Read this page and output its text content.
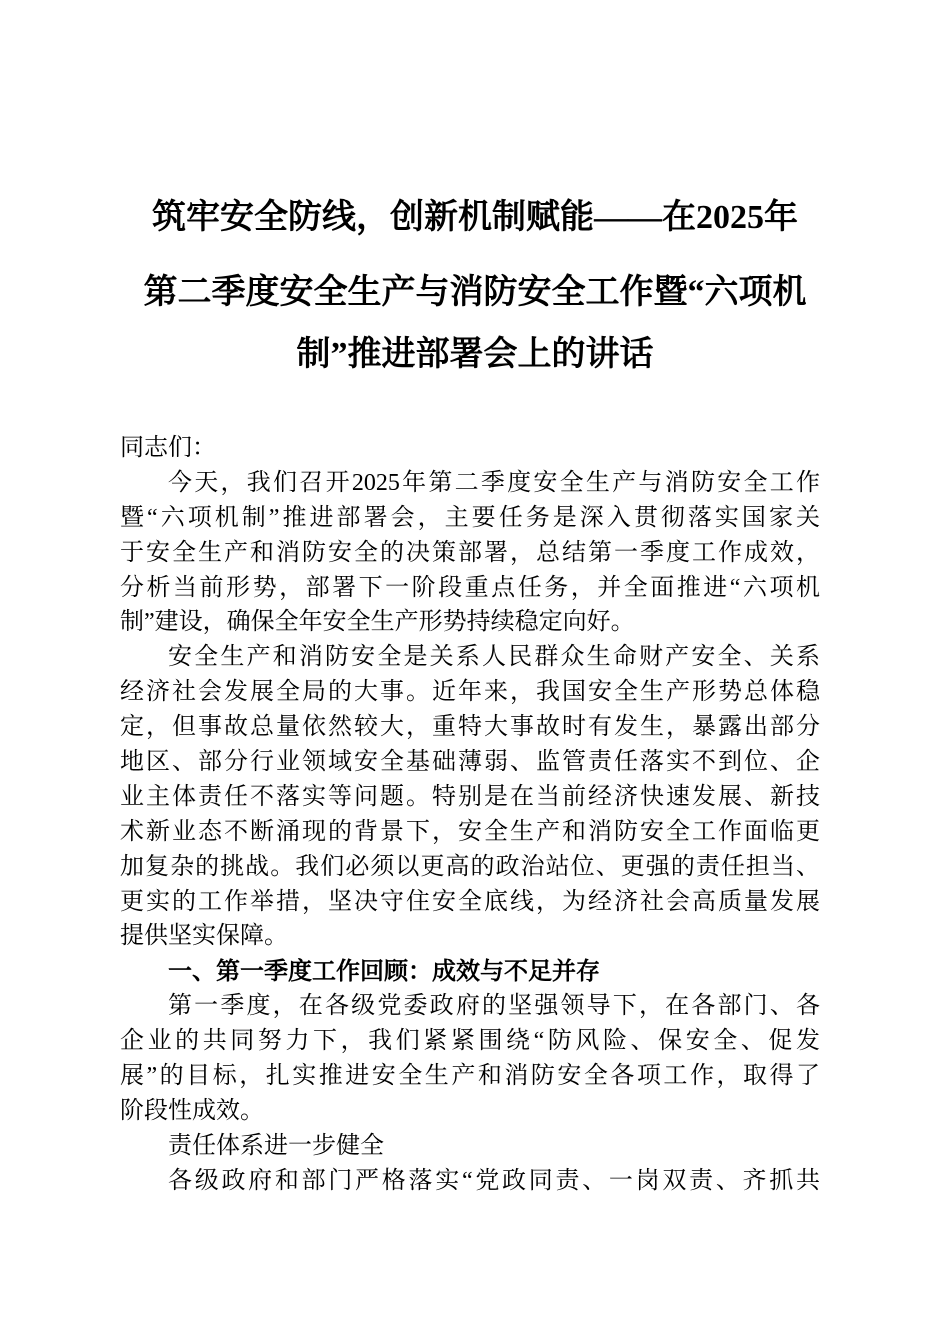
筑牢安全防线，创新机制赋能——在2025年
第二季度安全生产与消防安全工作暨“六项机
制”推进部署会上的讲话
同志们：
今天，我们召开2025年第二季度安全生产与消防安全工作
暨“六项机制”推进部署会，主要任务是深入贯彻落实国家关
于安全生产和消防安全的决策部署，总结第一季度工作成效，
分析当前形势，部署下一阶段重点任务，并全面推进“六项机
制”建设，确保全年安全生产形势持续稳定向好。
安全生产和消防安全是关系人民群众生命财产安全、关系
经济社会发展全局的大事。近年来，我国安全生产形势总体稳
定，但事故总量依然较大，重特大事故时有发生，暴露出部分
地区、部分行业领域安全基础薄弱、监管责任落实不到位、企
业主体责任不落实等问题。特别是在当前经济快速发展、新技
术新业态不断涌现的背景下，安全生产和消防安全工作面临更
加复杂的挑战。我们必须以更高的政治站位、更强的责任担当、
更实的工作举措，坚决守住安全底线，为经济社会高质量发展
提供坚实保障。
一、第一季度工作回顾：成效与不足并存
第一季度，在各级党委政府的坚强领导下，在各部门、各
企业的共同努力下，我们紧紧围绕“防风险、保安全、促发
展”的目标，扎实推进安全生产和消防安全各项工作，取得了
阶段性成效。
责任体系进一步健全
各级政府和部门严格落实“党政同责、一岗双责、齐抓共
